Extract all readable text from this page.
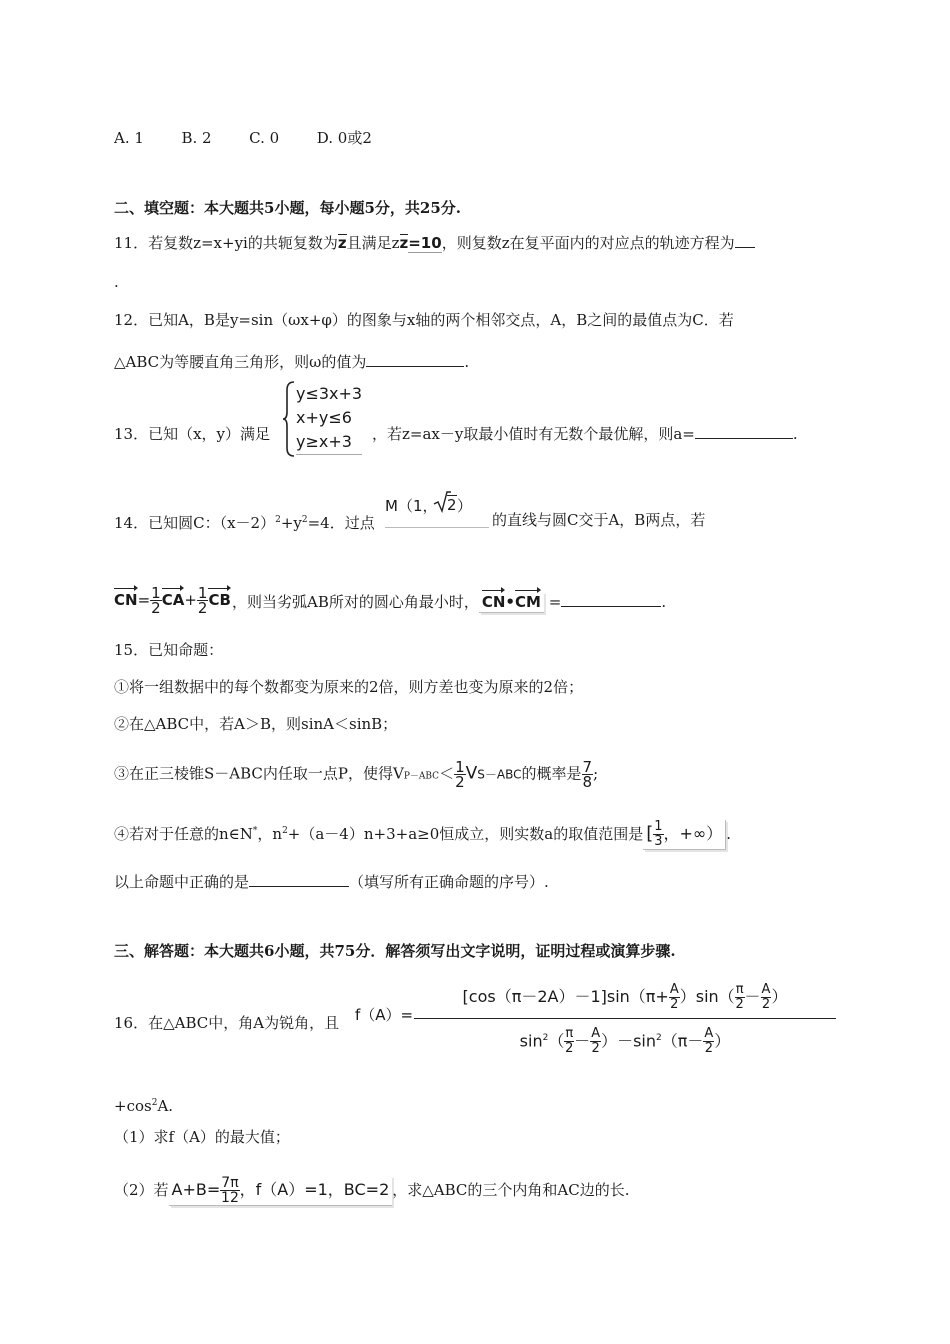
A. 1	B. 2	C. 0	D. 0或2
二、填空题：本大题共5小题，每小题5分，共25分.
11．若复数z=x+yi的共轭复数为z且满足zz=10，则复数z在复平面内的对应点的轨迹方程为
.
12．已知A，B是y=sin（ωx+φ）的图象与x轴的两个相邻交点，A，B之间的最值点为C．若
△ABC为等腰直角三角形，则ω的值为	.
13．已知（x，y）满足
y≤3x+3
x+y≤6
y≥x+3	，若z=ax－y取最小值时有无数个最优解，则a=	.
14．已知圆C：$(x-2)^2+y^2=4$．过点
M（1， 2 ）
的直线与圆C交于A，B两点，若
$CN= \frac{1}{2} CA+ \frac{1}{2}$ CB ，则当劣弧AB所对的圆心角最小时， CN•CM =	.
15．已知命题：
①将一组数据中的每个数都变为原来的2倍，则方差也变为原来的2倍；
②在△ABC中，若A＞B，则sinA＜sinB；
③在正三棱锥S－ABC内任取一点P，使得$VP-ABC< \frac{1}{2} VS-ABC$的概率是 $\frac{7}{8}$ ;
④若对于任意的n∈N*，$n^2+(a-4)n+3+a\ge 0$恒成立，则实数a的取值范围是 [ $\frac{1}{3}$ ，+∞） .
以上命题中正确的是	（填写所有正确命题的序号）.
三、解答题：本大题共6小题，共75分．解答须写出文字说明，证明过程或演算步骤.
16．在△ABC中，角A为锐角，且 f（A）=
$[\cos(\pi-2A)-1]\sin(\pi+ \frac{A}{2} )\sin( \frac{\pi}{2} - \frac{A}{2}$ ）
$\sin^2( \frac{\pi}{2} - \frac{A}{2} )-\sin^2(\pi- \frac{A}{2}$ ）
$+\cos^2A$.
（1）求f（A）的最大值；
（2）若 $A+B= \frac{7\pi}{12}$ ，f（A）=1，BC=2 ，求△ABC的三个内角和AC边的长.
